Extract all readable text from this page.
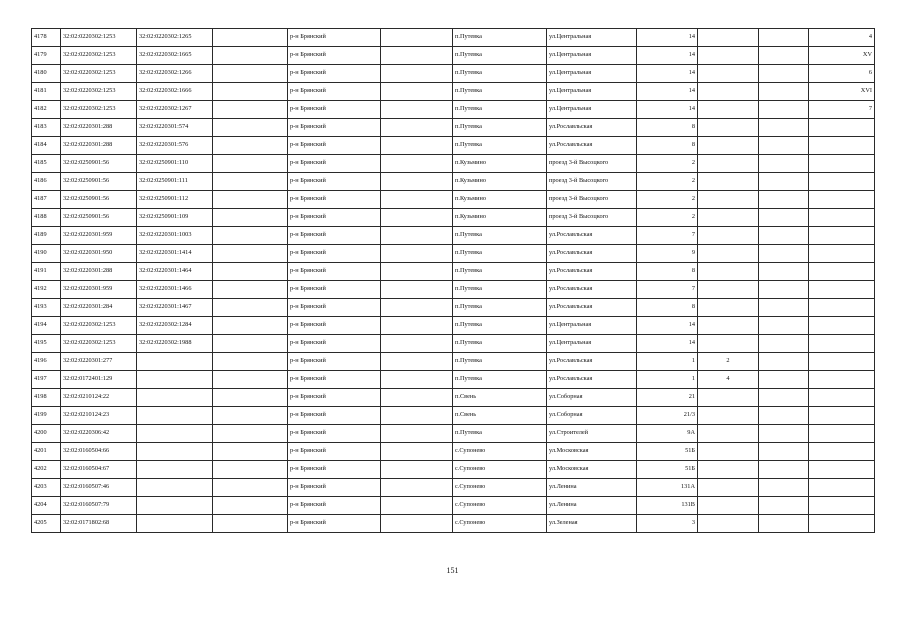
4178	32:02:0220302:1253	32:02:0220302:1265		р-н Брянский		п.Путевка	ул.Центральная	14			4
4179	32:02:0220302:1253	32:02:0220302:1665		р-н Брянский		п.Путевка	ул.Центральная	14			XV
4180	32:02:0220302:1253	32:02:0220302:1266		р-н Брянский		п.Путевка	ул.Центральная	14			6
4181	32:02:0220302:1253	32:02:0220302:1666		р-н Брянский		п.Путевка	ул.Центральная	14			XVI
4182	32:02:0220302:1253	32:02:0220302:1267		р-н Брянский		п.Путевка	ул.Центральная	14			7
4183	32:02:0220301:288	32:02:0220301:574		р-н Брянский		п.Путевка	ул.Рославльская	8			
4184	32:02:0220301:288	32:02:0220301:576		р-н Брянский		п.Путевка	ул.Рославльская	8			
4185	32:02:0250901:56	32:02:0250901:110		р-н Брянский		п.Кузьмино	проезд 3-й Высоцкого	2			
4186	32:02:0250901:56	32:02:0250901:111		р-н Брянский		п.Кузьмино	проезд 3-й Высоцкого	2			
4187	32:02:0250901:56	32:02:0250901:112		р-н Брянский		п.Кузьмино	проезд 3-й Высоцкого	2			
4188	32:02:0250901:56	32:02:0250901:109		р-н Брянский		п.Кузьмино	проезд 3-й Высоцкого	2			
4189	32:02:0220301:959	32:02:0220301:1003		р-н Брянский		п.Путевка	ул.Рославльская	7			
4190	32:02:0220301:950	32:02:0220301:1414		р-н Брянский		п.Путевка	ул.Рославльская	9			
4191	32:02:0220301:288	32:02:0220301:1464		р-н Брянский		п.Путевка	ул.Рославльская	8			
4192	32:02:0220301:959	32:02:0220301:1466		р-н Брянский		п.Путевка	ул.Рославльская	7			
4193	32:02:0220301:284	32:02:0220301:1467		р-н Брянский		п.Путевка	ул.Рославльская	8			
4194	32:02:0220302:1253	32:02:0220302:1284		р-н Брянский		п.Путевка	ул.Центральная	14			
4195	32:02:0220302:1253	32:02:0220302:1988		р-н Брянский		п.Путевка	ул.Центральная	14			
4196	32:02:0220301:277			р-н Брянский		п.Путевка	ул.Рославльская	1	2		
4197	32:02:0172401:129			р-н Брянский		п.Путевка	ул.Рославльская	1	4		
4198	32:02:0210124:22			р-н Брянский		п.Свень	ул.Соборная	21			
4199	32:02:0210124:23			р-н Брянский		п.Свень	ул.Соборная	21/3			
4200	32:02:0220306:42			р-н Брянский		п.Путевка	ул.Строителей	9А			
4201	32:02:0160504:66			р-н Брянский		с.Супонево	ул.Московская	51Б			
4202	32:02:0160504:67			р-н Брянский		с.Супонево	ул.Московская	51Б			
4203	32:02:0160507:46			р-н Брянский		с.Супонево	ул.Ленина	131А			
4204	32:02:0160507:79			р-н Брянский		с.Супонево	ул.Ленина	131В			
4205	32:02:0171802:68			р-н Брянский		с.Супонево	ул.Зеленая	3			
151
